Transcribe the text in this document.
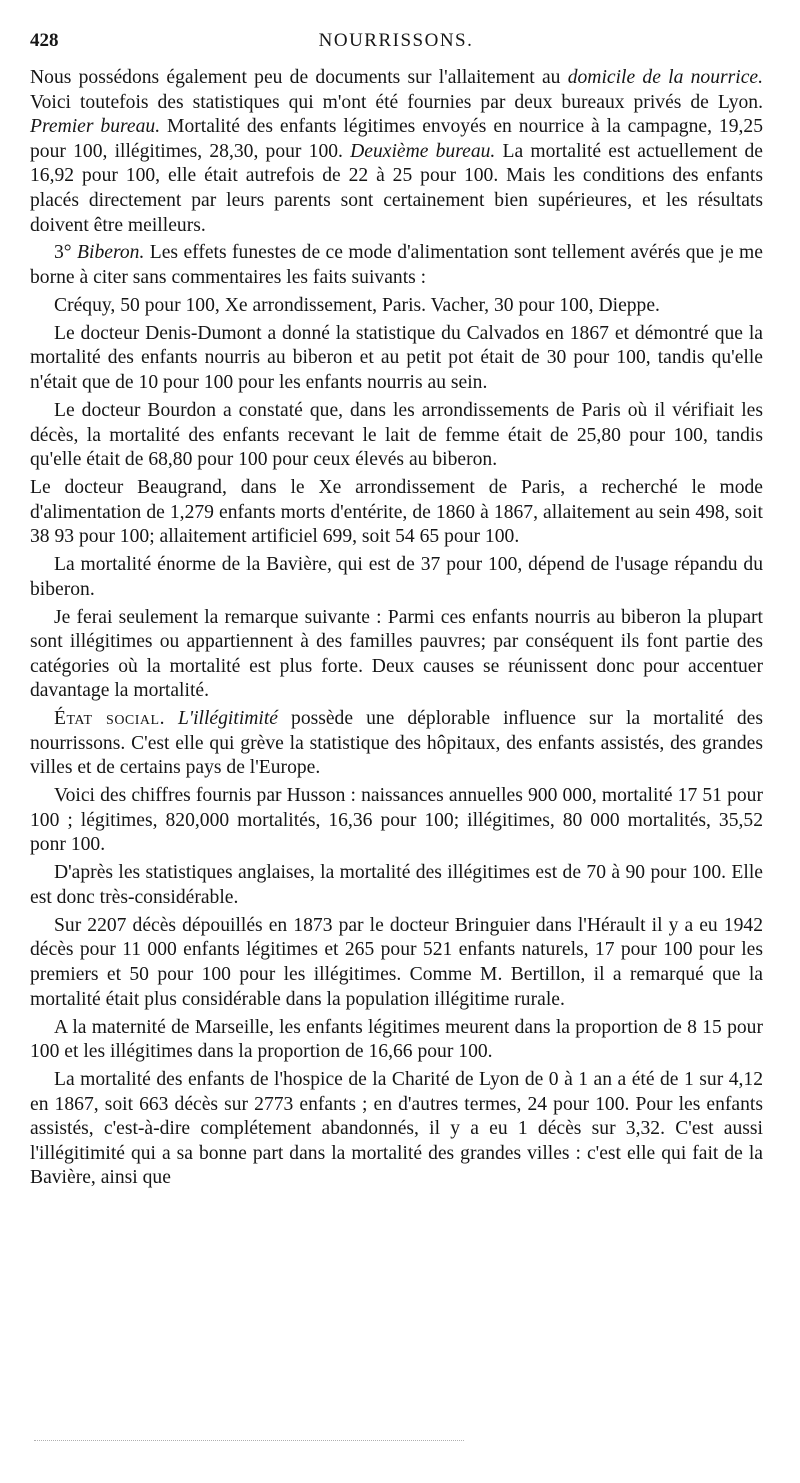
428	NOURRISSONS.

Nous possédons également peu de documents sur l'allaitement au domicile de la nourrice. Voici toutefois des statistiques qui m'ont été fournies par deux bureaux privés de Lyon. Premier bureau. Mortalité des enfants légitimes envoyés en nourrice à la campagne, 19,25 pour 100, illégitimes, 28,30, pour 100. Deuxième bureau. La mortalité est actuellement de 16,92 pour 100, elle était autrefois de 22 à 25 pour 100. Mais les conditions des enfants placés directement par leurs parents sont certainement bien supérieures, et les résultats doivent être meilleurs.

3° Biberon. Les effets funestes de ce mode d'alimentation sont tellement avérés que je me borne à citer sans commentaires les faits suivants :

Créquy, 50 pour 100, Xe arrondissement, Paris. Vacher, 30 pour 100, Dieppe.

Le docteur Denis-Dumont a donné la statistique du Calvados en 1867 et démontré que la mortalité des enfants nourris au biberon et au petit pot était de 30 pour 100, tandis qu'elle n'était que de 10 pour 100 pour les enfants nourris au sein.

Le docteur Bourdon a constaté que, dans les arrondissements de Paris où il vérifiait les décès, la mortalité des enfants recevant le lait de femme était de 25,80 pour 100, tandis qu'elle était de 68,80 pour 100 pour ceux élevés au biberon.

Le docteur Beaugrand, dans le Xe arrondissement de Paris, a recherché le mode d'alimentation de 1,279 enfants morts d'entérite, de 1860 à 1867, allaitement au sein 498, soit 38 93 pour 100; allaitement artificiel 699, soit 54 65 pour 100.

La mortalité énorme de la Bavière, qui est de 37 pour 100, dépend de l'usage répandu du biberon.

Je ferai seulement la remarque suivante : Parmi ces enfants nourris au biberon la plupart sont illégitimes ou appartiennent à des familles pauvres; par conséquent ils font partie des catégories où la mortalité est plus forte. Deux causes se réunissent donc pour accentuer davantage la mortalité.

État social. L'illégitimité possède une déplorable influence sur la mortalité des nourrissons. C'est elle qui grève la statistique des hôpitaux, des enfants assistés, des grandes villes et de certains pays de l'Europe.

Voici des chiffres fournis par Husson : naissances annuelles 900 000, mortalité 17 51 pour 100 ; légitimes, 820,000 mortalités, 16,36 pour 100; illégitimes, 80 000 mortalités, 35,52 ponr 100.

D'après les statistiques anglaises, la mortalité des illégitimes est de 70 à 90 pour 100. Elle est donc très-considérable.

Sur 2207 décès dépouillés en 1873 par le docteur Bringuier dans l'Hérault il y a eu 1942 décès pour 11 000 enfants légitimes et 265 pour 521 enfants naturels, 17 pour 100 pour les premiers et 50 pour 100 pour les illégitimes. Comme M. Bertillon, il a remarqué que la mortalité était plus considérable dans la population illégitime rurale.

A la maternité de Marseille, les enfants légitimes meurent dans la proportion de 8 15 pour 100 et les illégitimes dans la proportion de 16,66 pour 100.

La mortalité des enfants de l'hospice de la Charité de Lyon de 0 à 1 an a été de 1 sur 4,12 en 1867, soit 663 décès sur 2773 enfants ; en d'autres termes, 24 pour 100. Pour les enfants assistés, c'est-à-dire complétement abandonnés, il y a eu 1 décès sur 3,32. C'est aussi l'illégitimité qui a sa bonne part dans la mortalité des grandes villes : c'est elle qui fait de la Bavière, ainsi que
